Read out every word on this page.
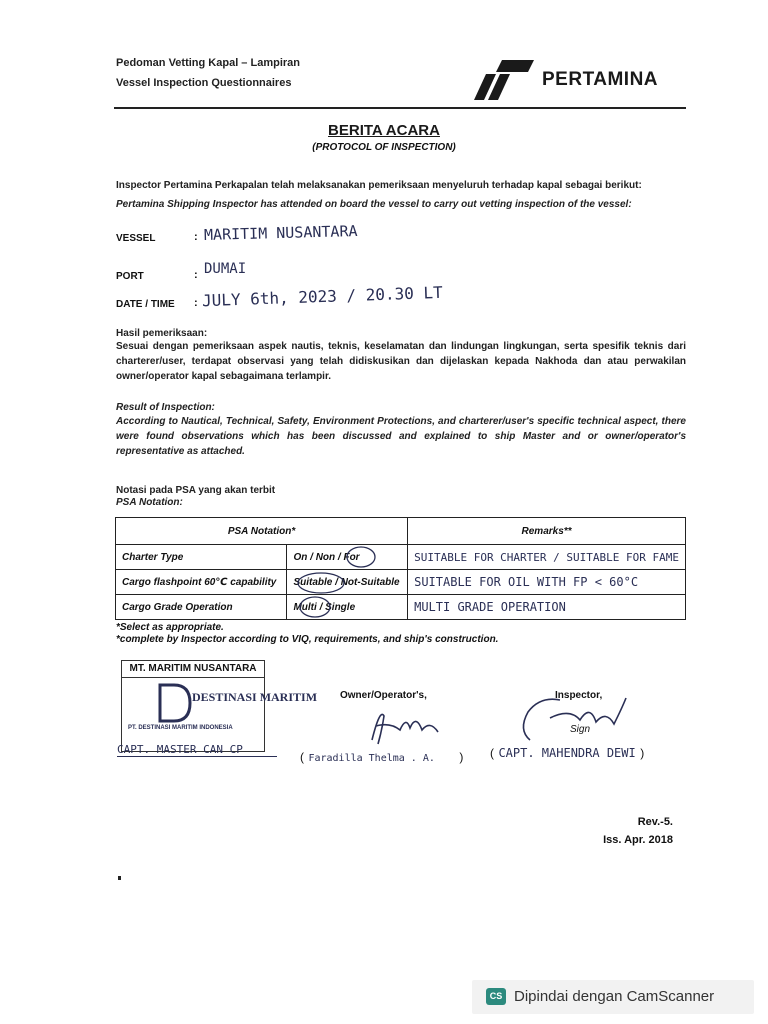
Pedoman Vetting Kapal – Lampiran
Vessel Inspection Questionnaires	PERTAMINA
BERITA ACARA
(PROTOCOL OF INSPECTION)
Inspector Pertamina Perkapalan telah melaksanakan pemeriksaan menyeluruh terhadap kapal sebagai berikut:
Pertamina Shipping Inspector has attended on board the vessel to carry out vetting inspection of the vessel:
VESSEL	: MARITIM NUSANTARA
PORT	: DUMAI
DATE / TIME : JULY 6th, 2023 / 20.30 LT
Hasil pemeriksaan:
Sesuai dengan pemeriksaan aspek nautis, teknis, keselamatan dan lindungan lingkungan, serta spesifik teknis dari charterer/user, terdapat observasi yang telah didiskusikan dan dijelaskan kepada Nakhoda dan atau perwakilan owner/operator kapal sebagaimana terlampir.
Result of Inspection:
According to Nautical, Technical, Safety, Environment Protections, and charterer/user's specific technical aspect, there were found observations which has been discussed and explained to ship Master and or owner/operator's representative as attached.
Notasi pada PSA yang akan terbit
PSA Notation:
PSA Notation*		Remarks**
Charter Type	On / Non / For	SUITABLE FOR CHARTER / SUITABLE FOR FAME
Cargo flashpoint 60℃ capability	Suitable / Not-Suitable	SUITABLE FOR OIL WITH FP < 60°C
Cargo Grade Operation	Multi / Single	MULTI GRADE OPERATION
*Select as appropriate.
*complete by Inspector according to VIQ, requirements, and ship's construction.
MT. MARITIM NUSANTARA
DESTINASI MARITIM
PT. DESTINASI MARITIM INDONESIA
CAPT. MASTER CAN CP
Owner/Operator's,
( Faradilla Thelma . A. )
Inspector,
Sign
( CAPT. MAHENDRA DEWI )
Rev.-5.
Iss. Apr. 2018
CS Dipindai dengan CamScanner
